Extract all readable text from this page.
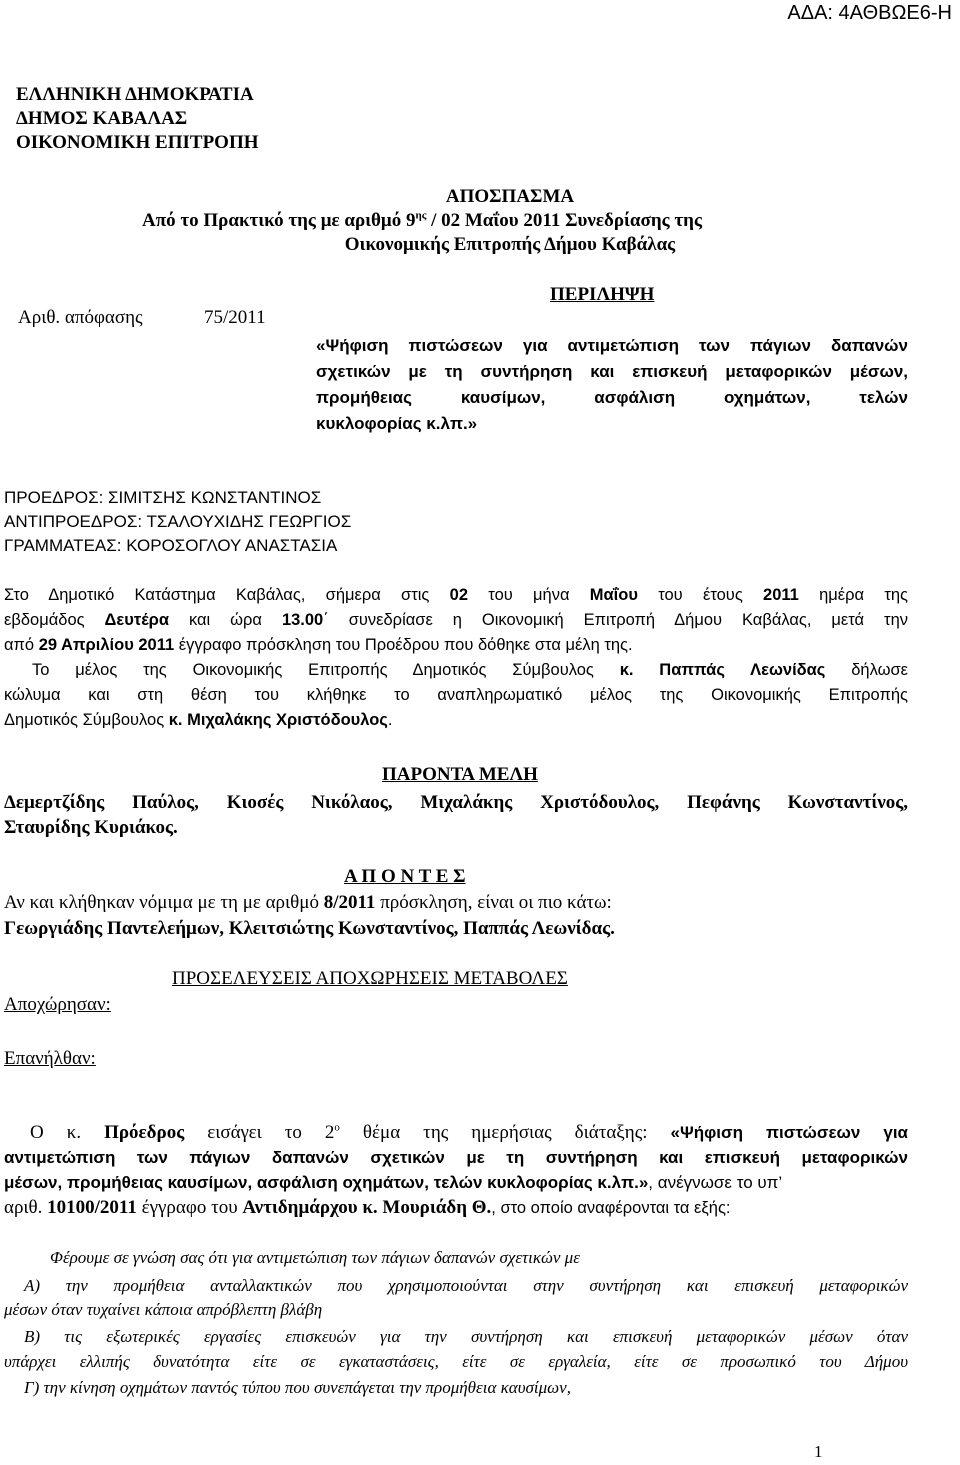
ΑΔΑ: 4ΑΘΒΩΕ6-Η
ΕΛΛΗΝΙΚΗ ΔΗΜΟΚΡΑΤΙΑ
ΔΗΜΟΣ ΚΑΒΑΛΑΣ
ΟΙΚΟΝΟΜΙΚΗ ΕΠΙΤΡΟΠΗ
ΑΠΟΣΠΑΣΜΑ
Από το Πρακτικό της με αριθμό $9^{\eta\varsigma} / 02$ Μαΐου 2011 Συνεδρίασης της
Οικονομικής Επιτροπής Δήμου Καβάλας
Αριθ. απόφασης	75/2011
ΠΕΡΙΛΗΨΗ
«Ψήφιση πιστώσεων για αντιμετώπιση των πάγιων δαπανών
σχετικών με τη συντήρηση και επισκευή μεταφορικών μέσων,
προμήθειας καυσίμων, ασφάλιση οχημάτων, τελών
κυκλοφορίας κ.λπ.»
ΠΡΟΕΔΡΟΣ: ΣΙΜΙΤΣΗΣ ΚΩΝΣΤΑΝΤΙΝΟΣ
ΑΝΤΙΠΡΟΕΔΡΟΣ: ΤΣΑΛΟΥΧΙΔΗΣ ΓΕΩΡΓΙΟΣ
ΓΡΑΜΜΑΤΕΑΣ: ΚΟΡΟΣΟΓΛΟΥ ΑΝΑΣΤΑΣΙΑ
Στο Δημοτικό Κατάστημα Καβάλας, σήμερα στις 02 του μήνα Μαΐου του έτους 2011 ημέρα της
εβδομάδος Δευτέρα και ώρα 13.00΄ συνεδρίασε η Οικονομική Επιτροπή Δήμου Καβάλας, μετά την
από 29 Απριλίου 2011 έγγραφο πρόσκληση του Προέδρου που δόθηκε στα μέλη της.
Το μέλος της Οικονομικής Επιτροπής Δημοτικός Σύμβουλος κ. Παππάς Λεωνίδας δήλωσε
κώλυμα και στη θέση του κλήθηκε το αναπληρωματικό μέλος της Οικονομικής Επιτροπής
Δημοτικός Σύμβουλος κ. Μιχαλάκης Χριστόδουλος.
ΠΑΡΟΝΤΑ ΜΕΛΗ
Δεμερτζίδης Παύλος, Κιοσές Νικόλαος, Μιχαλάκης Χριστόδουλος, Πεφάνης Κωνσταντίνος,
Σταυρίδης Κυριάκος.
Α Π Ο Ν Τ Ε Σ
Αν και κλήθηκαν νόμιμα με τη με αριθμό 8/2011 πρόσκληση, είναι οι πιο κάτω:
Γεωργιάδης Παντελεήμων, Κλειτσιώτης Κωνσταντίνος, Παππάς Λεωνίδας.
ΠΡΟΣΕΛΕΥΣΕΙΣ ΑΠΟΧΩΡΗΣΕΙΣ ΜΕΤΑΒΟΛΕΣ
Αποχώρησαν:
Επανήλθαν:
Ο κ. Πρόεδρος εισάγει το $2^o$ θέμα της ημερήσιας διάταξης: «Ψήφιση πιστώσεων για
αντιμετώπιση των πάγιων δαπανών σχετικών με τη συντήρηση και επισκευή μεταφορικών
μέσων, προμήθειας καυσίμων, ασφάλιση οχημάτων, τελών κυκλοφορίας κ.λπ.», ανέγνωσε το υπ’
αριθ. 10100/2011 έγγραφο του Αντιδημάρχου κ. Μουριάδη Θ., στο οποίο αναφέρονται τα εξής:
Φέρουμε σε γνώση σας ότι για αντιμετώπιση των πάγιων δαπανών σχετικών με
Α) την προμήθεια ανταλλακτικών που χρησιμοποιούνται στην συντήρηση και επισκευή μεταφορικών
μέσων όταν τυχαίνει κάποια απρόβλεπτη βλάβη
Β) τις εξωτερικές εργασίες επισκευών για την συντήρηση και επισκευή μεταφορικών μέσων όταν
υπάρχει ελλιπής δυνατότητα είτε σε εγκαταστάσεις, είτε σε εργαλεία, είτε σε προσωπικό του Δήμου
Γ) την κίνηση οχημάτων παντός τύπου που συνεπάγεται την προμήθεια καυσίμων,
1
